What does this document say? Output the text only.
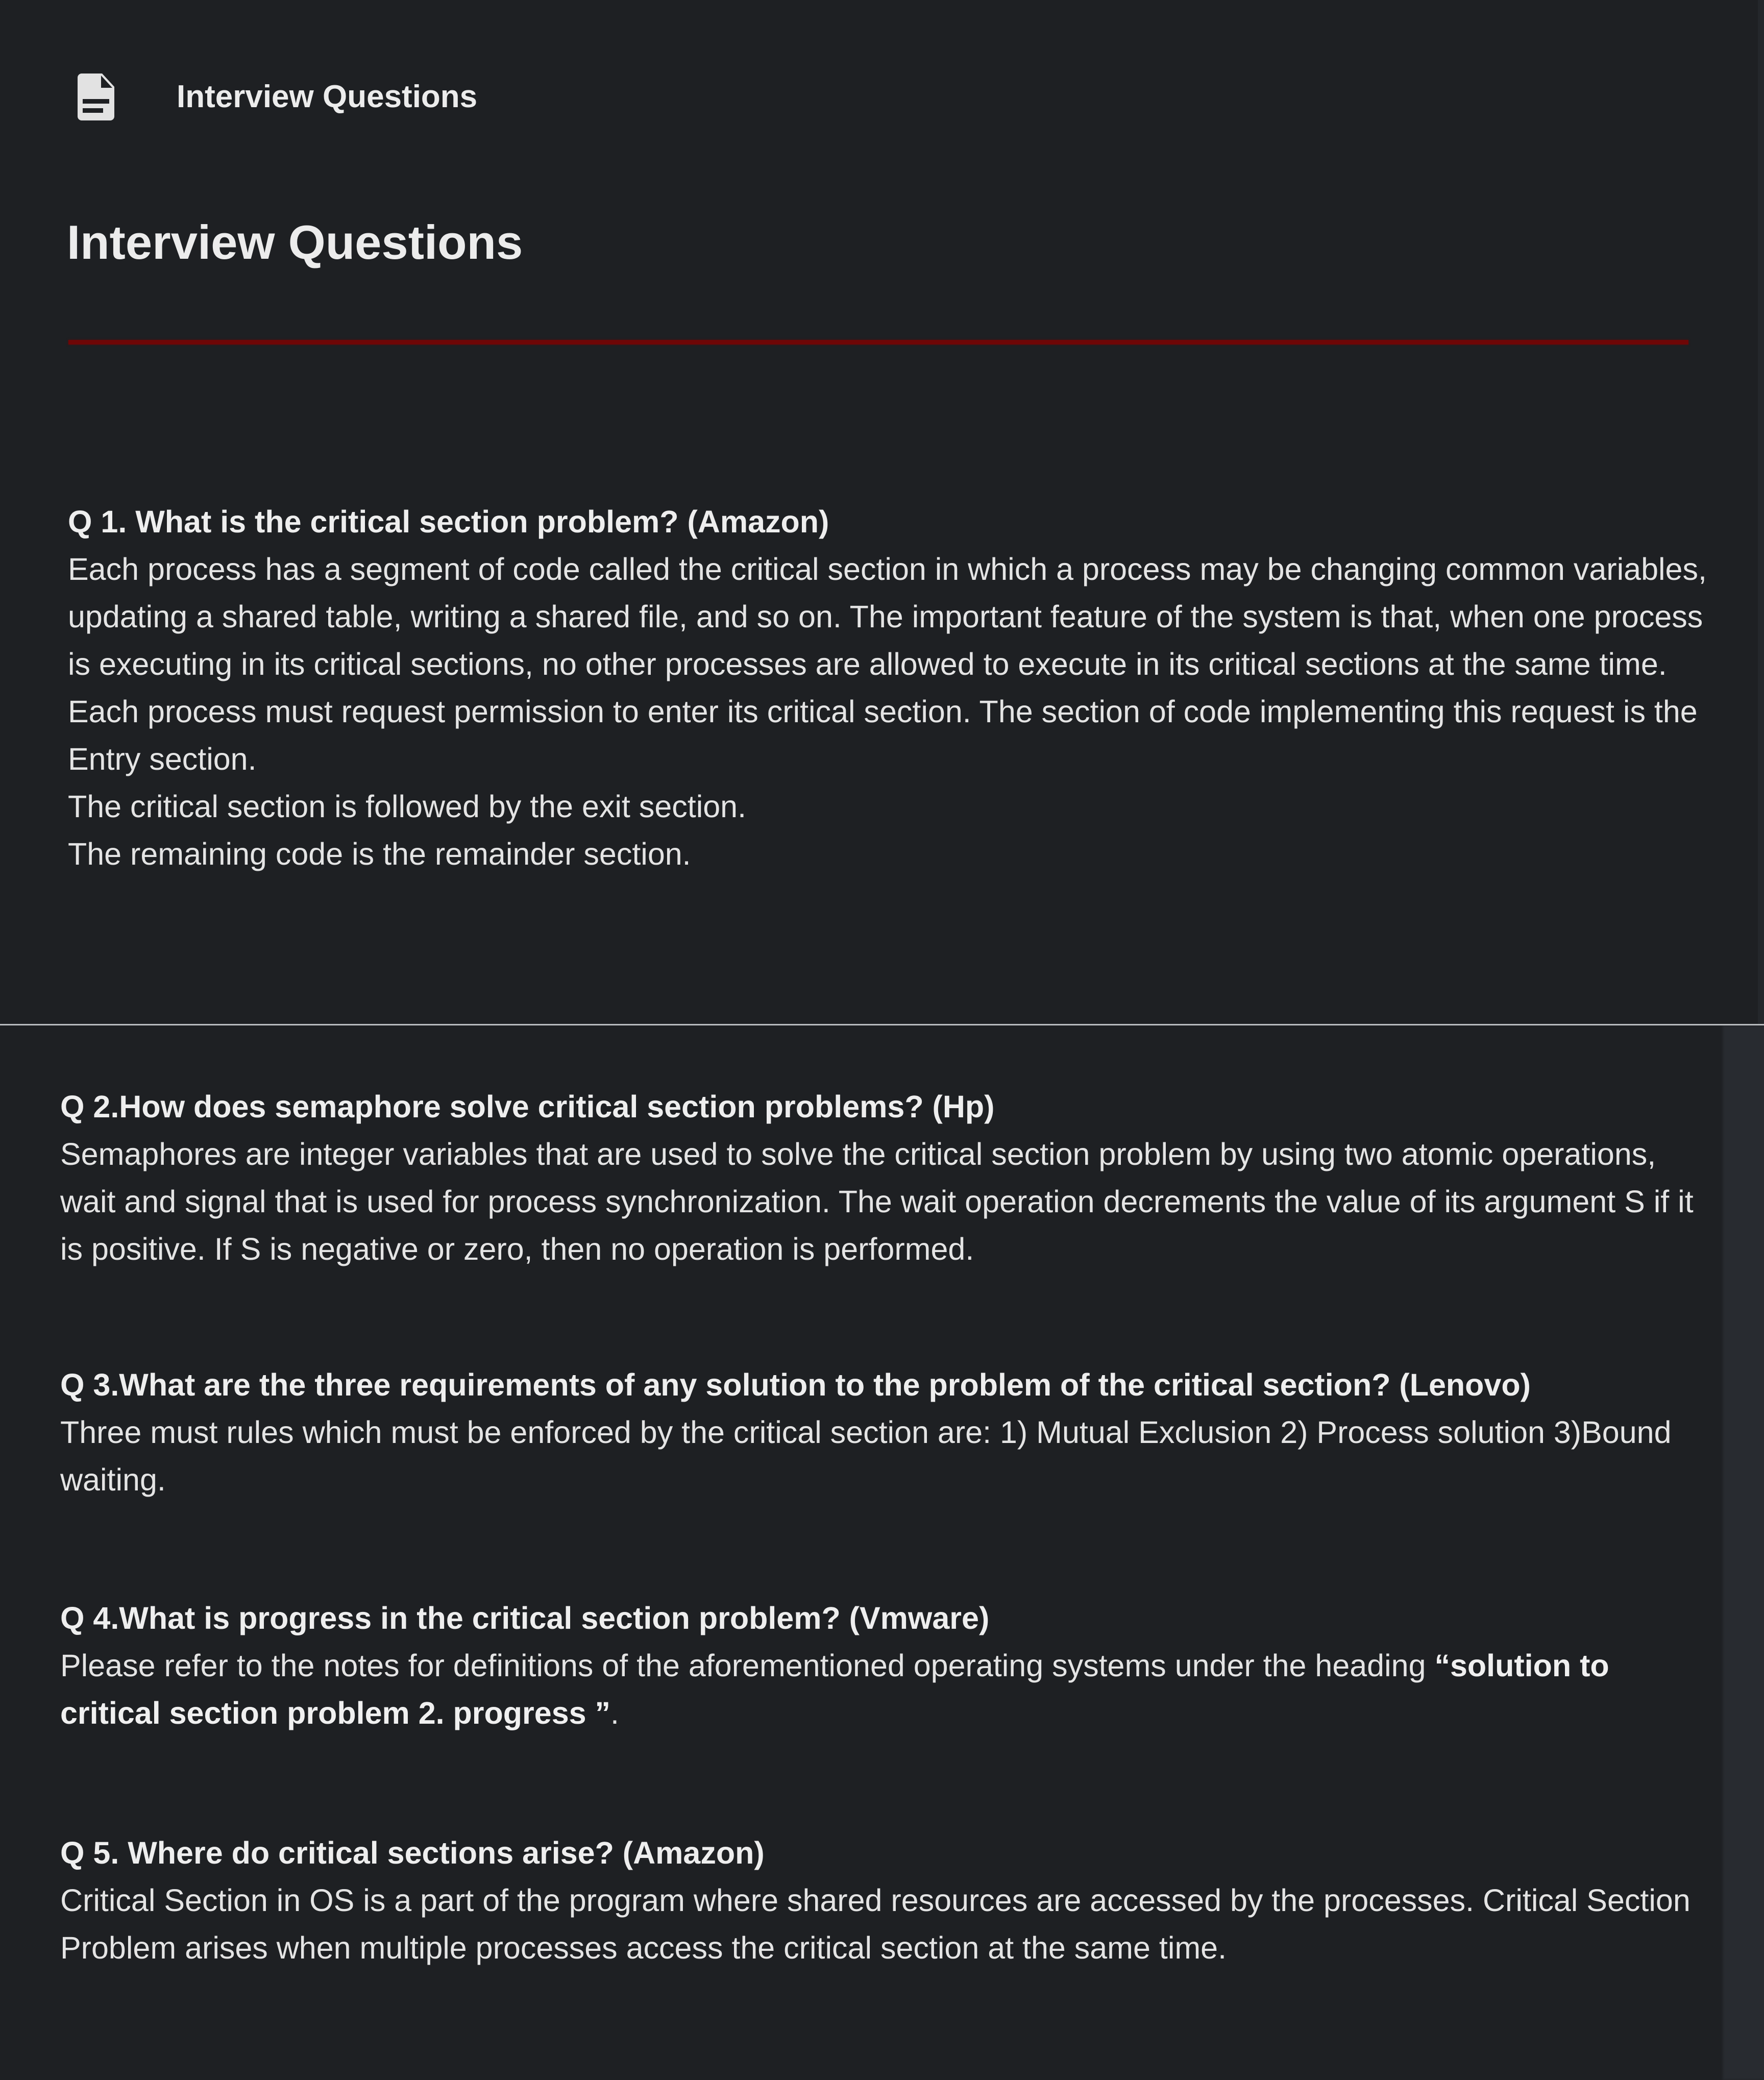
Interview Questions
Interview Questions

Q 1. What is the critical section problem? (Amazon)

Each process has a segment of code called the critical section in which a process may be changing common variables, updating a shared table, writing a shared file, and so on. The important feature of the system is that, when one process is executing in its critical sections, no other processes are allowed to execute in its critical sections at the same time.

Each process must request permission to enter its critical section. The section of code implementing this request is the Entry section.

The critical section is followed by the exit section.

The remaining code is the remainder section.

Q 2.How does semaphore solve critical section problems? (Hp)

Semaphores are integer variables that are used to solve the critical section problem by using two atomic operations, wait and signal that is used for process synchronization. The wait operation decrements the value of its argument S if it is positive. If S is negative or zero, then no operation is performed.

Q 3.What are the three requirements of any solution to the problem of the critical section? (Lenovo)

Three must rules which must be enforced by the critical section are: 1) Mutual Exclusion 2) Process solution 3)Bound waiting.

Q 4.What is progress in the critical section problem? (Vmware)

Please refer to the notes for definitions of the aforementioned operating systems under the heading “solution to critical section problem 2. progress ”.

Q 5. Where do critical sections arise? (Amazon)

Critical Section in OS is a part of the program where shared resources are accessed by the processes. Critical Section Problem arises when multiple processes access the critical section at the same time.
